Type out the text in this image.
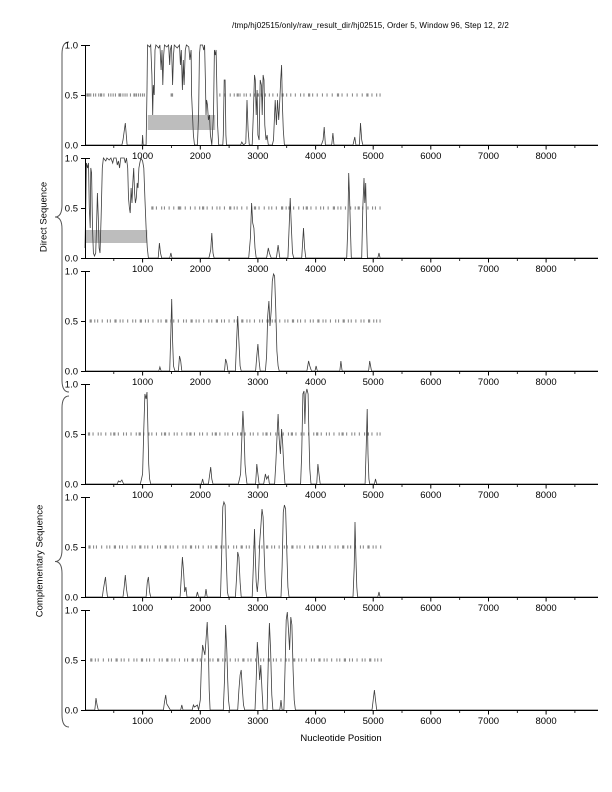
/tmp/hj02515/only/raw_result_dir/hj02515, Order 5, Window 96, Step 12, 2/2
Direct Sequence
Complementary Sequence
0.0
0.5
1.0
1000	2000	3000	4000	5000	6000	7000	8000
0.0
0.5
1.0
1000	2000	3000	4000	5000	6000	7000	8000
0.0
0.5
1.0
1000	2000	3000	4000	5000	6000	7000	8000
0.0
0.5
1.0
1000	2000	3000	4000	5000	6000	7000	8000
0.0
0.5
1.0
1000	2000	3000	4000	5000	6000	7000	8000
0.0
0.5
1.0
1000	2000	3000	4000	5000	6000	7000	8000
Nucleotide Position
